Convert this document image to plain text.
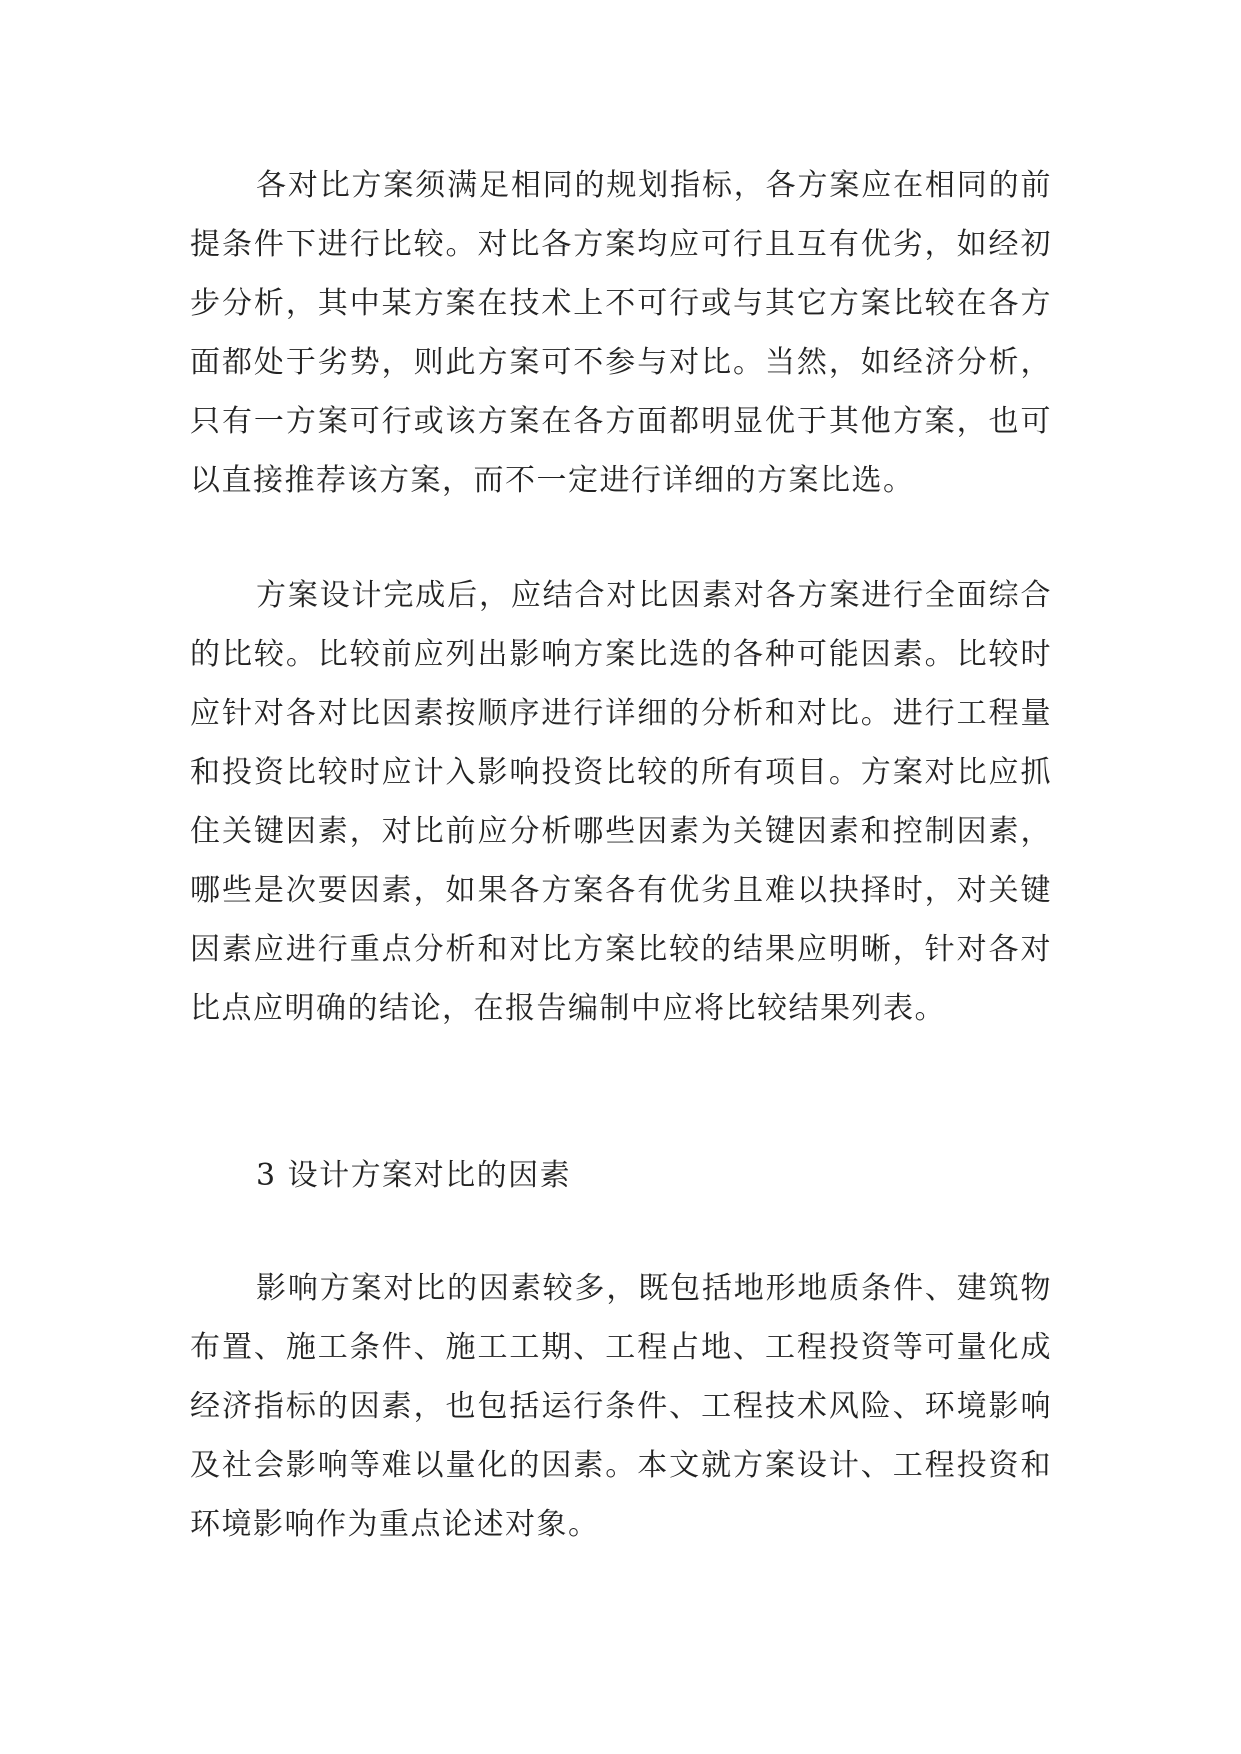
各对比方案须满足相同的规划指标，各方案应在相同的前提条件下进行比较。对比各方案均应可行且互有优劣，如经初步分析，其中某方案在技术上不可行或与其它方案比较在各方面都处于劣势，则此方案可不参与对比。当然，如经济分析，只有一方案可行或该方案在各方面都明显优于其他方案，也可以直接推荐该方案，而不一定进行详细的方案比选。

方案设计完成后，应结合对比因素对各方案进行全面综合的比较。比较前应列出影响方案比选的各种可能因素。比较时应针对各对比因素按顺序进行详细的分析和对比。进行工程量和投资比较时应计入影响投资比较的所有项目。方案对比应抓住关键因素，对比前应分析哪些因素为关键因素和控制因素，哪些是次要因素，如果各方案各有优劣且难以抉择时，对关键因素应进行重点分析和对比方案比较的结果应明晰，针对各对比点应明确的结论，在报告编制中应将比较结果列表。

3 设计方案对比的因素

影响方案对比的因素较多，既包括地形地质条件、建筑物布置、施工条件、施工工期、工程占地、工程投资等可量化成经济指标的因素，也包括运行条件、工程技术风险、环境影响及社会影响等难以量化的因素。本文就方案设计、工程投资和环境影响作为重点论述对象。
